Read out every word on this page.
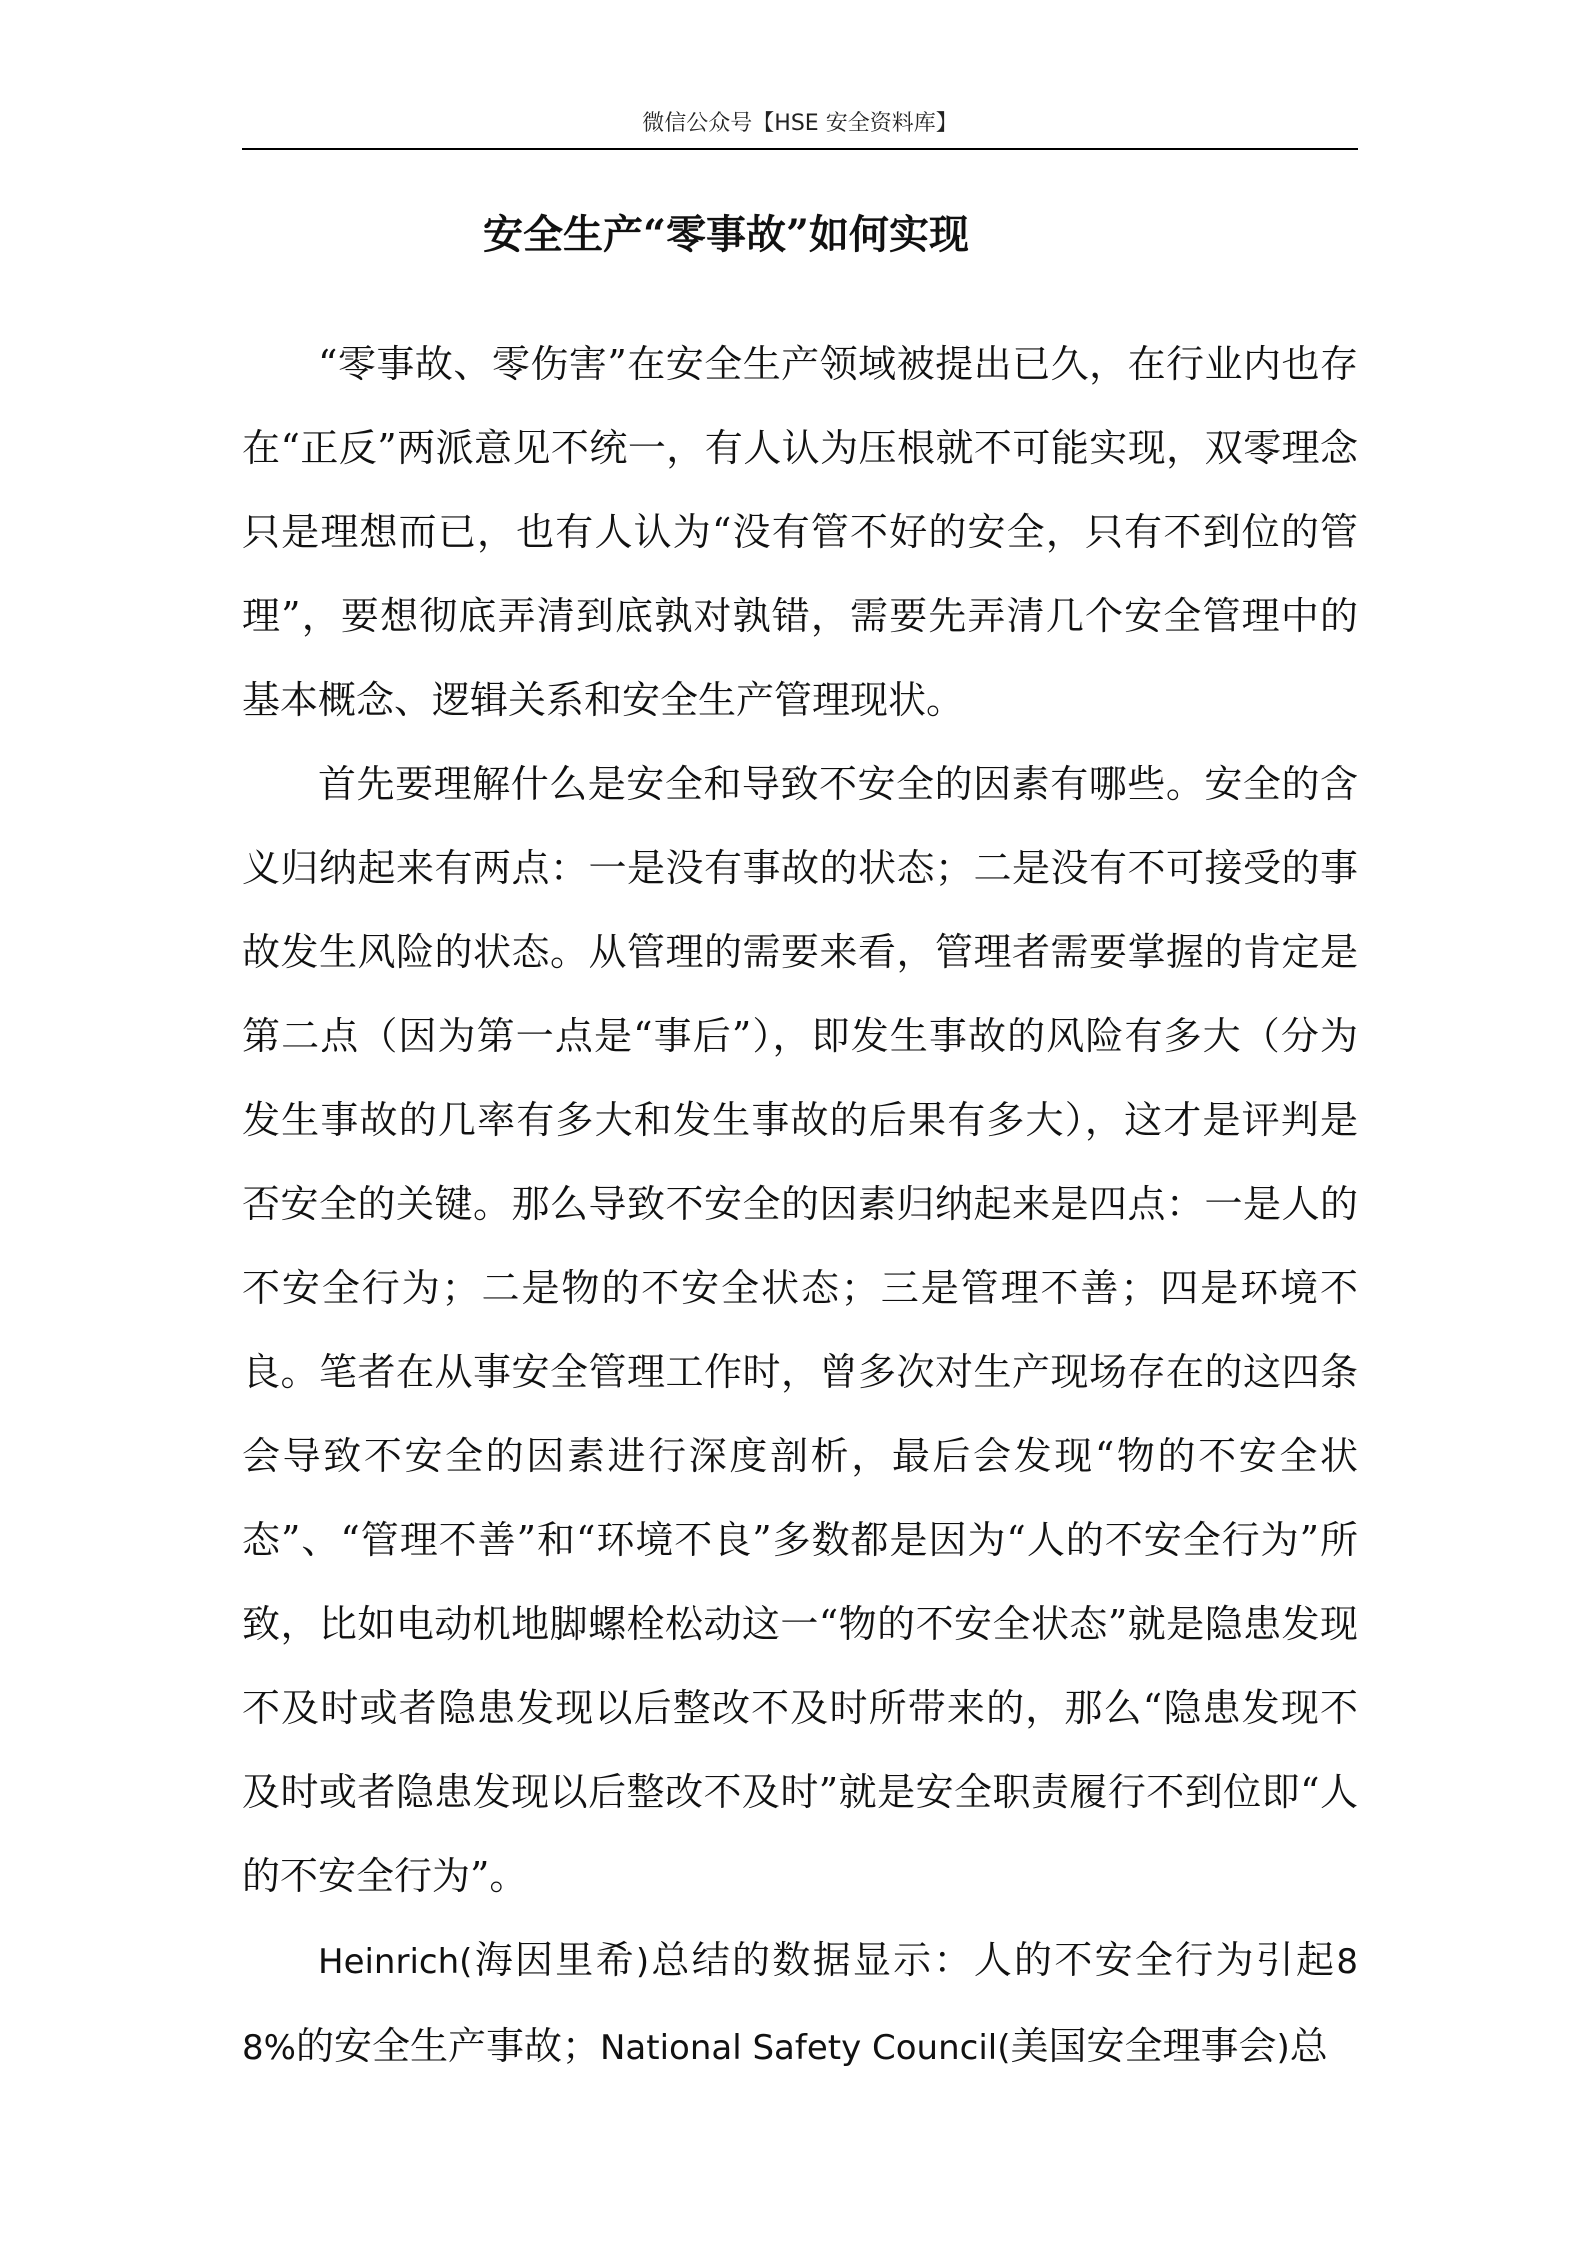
微信公众号【HSE 安全资料库】
安全生产“零事故”如何实现

“零事故、零伤害”在安全生产领域被提出已久，在行业内也存在“正反”两派意见不统一，有人认为压根就不可能实现，双零理念只是理想而已，也有人认为“没有管不好的安全，只有不到位的管理”，要想彻底弄清到底孰对孰错，需要先弄清几个安全管理中的基本概念、逻辑关系和安全生产管理现状。

首先要理解什么是安全和导致不安全的因素有哪些。安全的含义归纳起来有两点：一是没有事故的状态；二是没有不可接受的事故发生风险的状态。从管理的需要来看，管理者需要掌握的肯定是第二点（因为第一点是“事后”），即发生事故的风险有多大（分为发生事故的几率有多大和发生事故的后果有多大），这才是评判是否安全的关键。那么导致不安全的因素归纳起来是四点：一是人的不安全行为；二是物的不安全状态；三是管理不善；四是环境不良。笔者在从事安全管理工作时，曾多次对生产现场存在的这四条会导致不安全的因素进行深度剖析，最后会发现“物的不安全状态”、“管理不善”和“环境不良”多数都是因为“人的不安全行为”所致，比如电动机地脚螺栓松动这一“物的不安全状态”就是隐患发现不及时或者隐患发现以后整改不及时所带来的，那么“隐患发现不及时或者隐患发现以后整改不及时”就是安全职责履行不到位即“人的不安全行为”。

Heinrich(海因里希)总结的数据显示：人的不安全行为引起88%的安全生产事故；National Safety Council(美国安全理事会)总
